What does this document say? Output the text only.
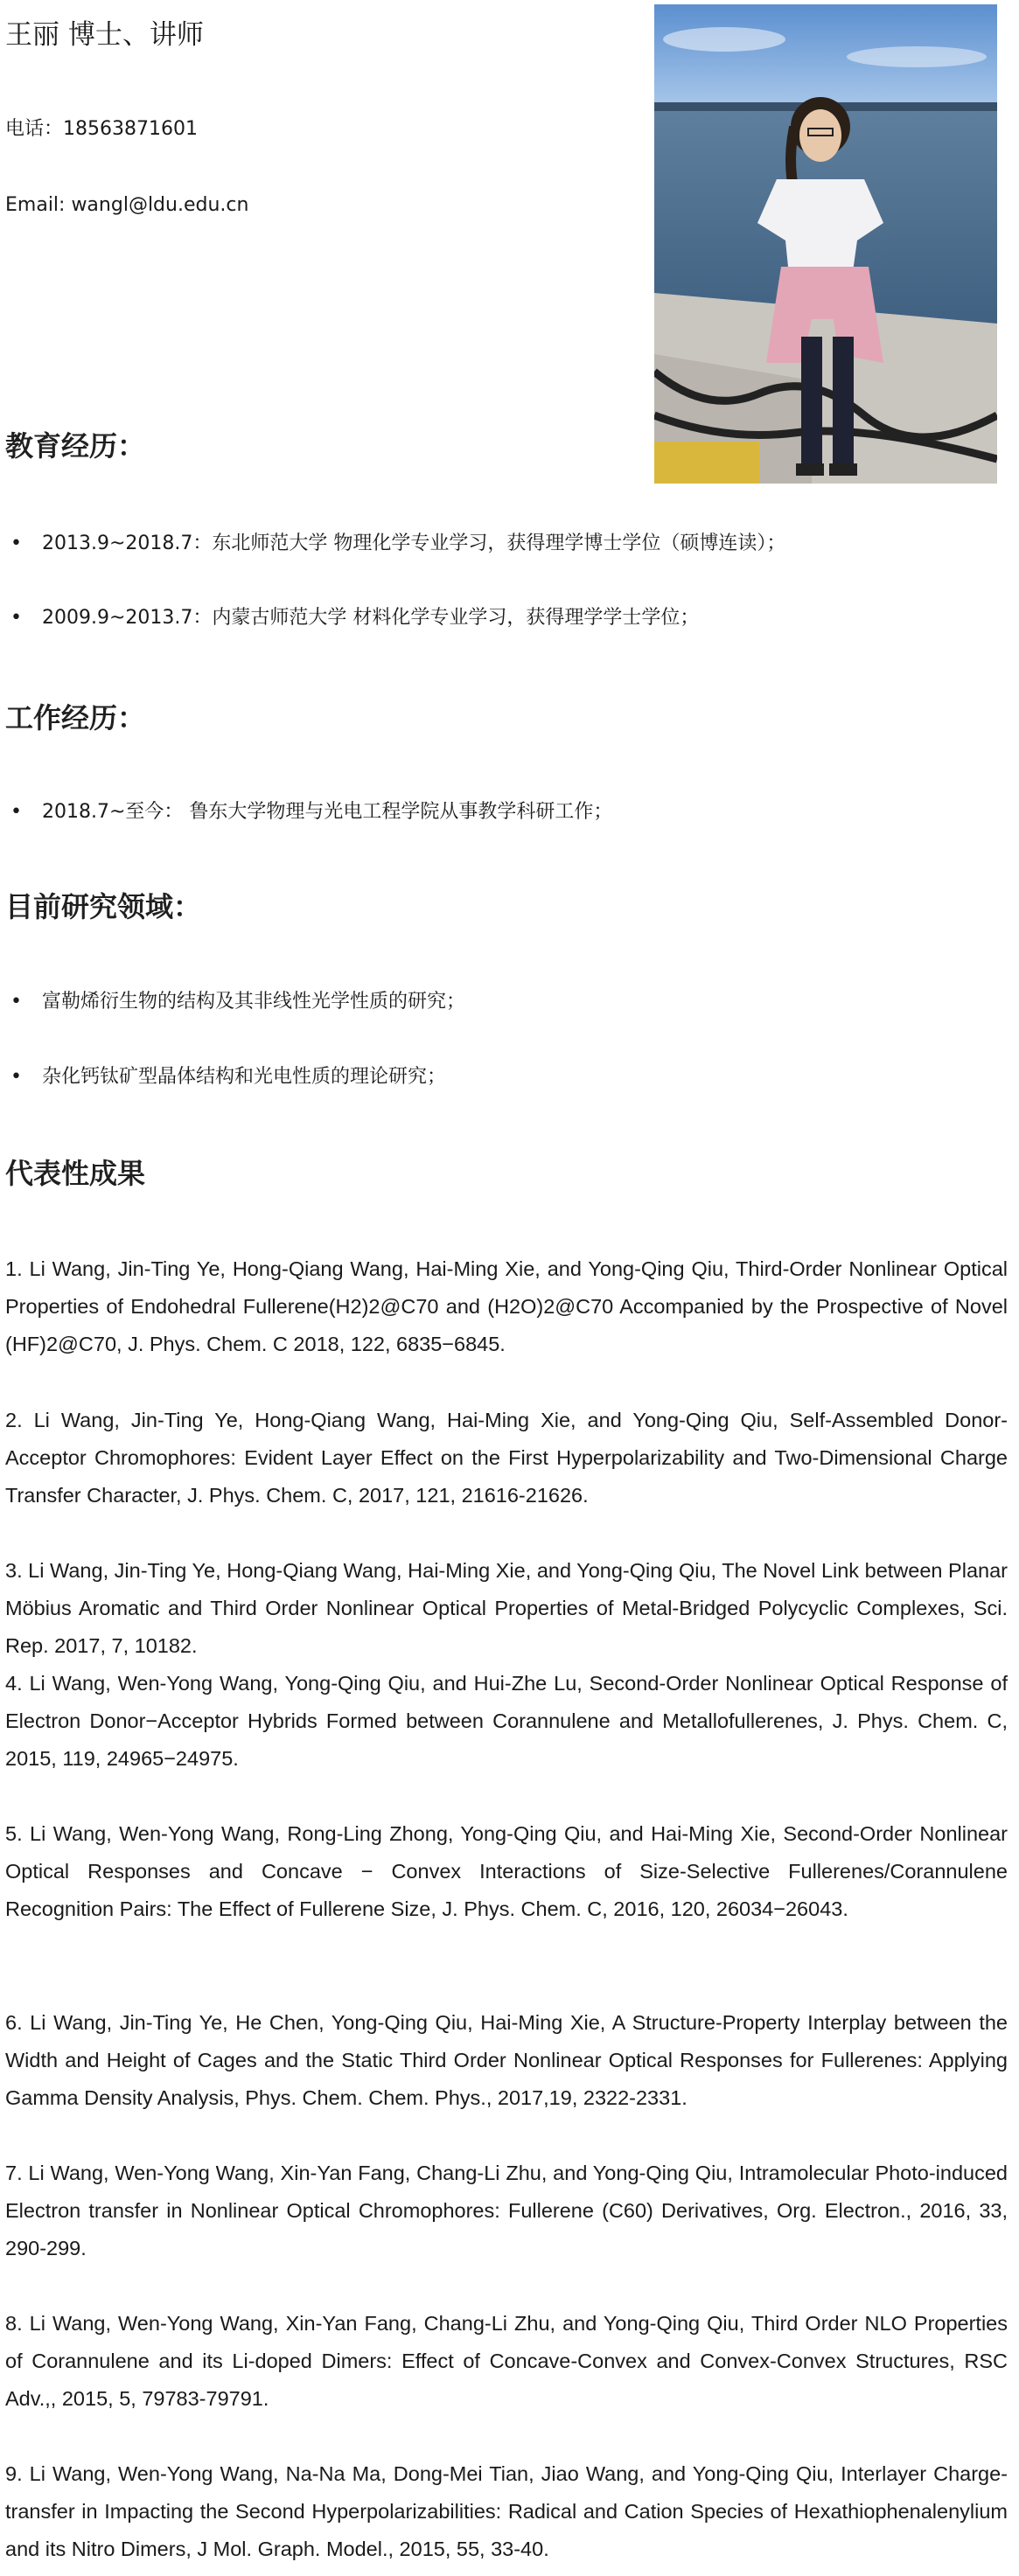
王丽 博士、讲师
电话：18563871601
Email: wangl@ldu.edu.cn
教育经历：
• 2013.9~2018.7：东北师范大学 物理化学专业学习，获得理学博士学位（硕博连读）；
• 2009.9~2013.7：内蒙古师范大学 材料化学专业学习，获得理学学士学位；
工作经历：
• 2018.7~至今： 鲁东大学物理与光电工程学院从事教学科研工作；
目前研究领域：
• 富勒烯衍生物的结构及其非线性光学性质的研究；
• 杂化钙钛矿型晶体结构和光电性质的理论研究；
代表性成果
1. Li Wang, Jin-Ting Ye, Hong-Qiang Wang, Hai-Ming Xie, and Yong-Qing Qiu, Third-Order Nonlinear Optical Properties of Endohedral Fullerene(H2)2@C70 and (H2O)2@C70 Accompanied by the Prospective of Novel (HF)2@C70, J. Phys. Chem. C 2018, 122, 6835−6845.
2. Li Wang, Jin-Ting Ye, Hong-Qiang Wang, Hai-Ming Xie, and Yong-Qing Qiu, Self-Assembled Donor-Acceptor Chromophores: Evident Layer Effect on the First Hyperpolarizability and Two-Dimensional Charge Transfer Character, J. Phys. Chem. C, 2017, 121, 21616-21626.
3. Li Wang, Jin-Ting Ye, Hong-Qiang Wang, Hai-Ming Xie, and Yong-Qing Qiu, The Novel Link between Planar Möbius Aromatic and Third Order Nonlinear Optical Properties of Metal‑Bridged Polycyclic Complexes, Sci. Rep. 2017, 7, 10182.
4. Li Wang, Wen-Yong Wang, Yong-Qing Qiu, and Hui-Zhe Lu, Second-Order Nonlinear Optical Response of Electron Donor−Acceptor Hybrids Formed between Corannulene and Metallofullerenes, J. Phys. Chem. C, 2015, 119, 24965−24975.
5. Li Wang, Wen-Yong Wang, Rong-Ling Zhong, Yong-Qing Qiu, and Hai-Ming Xie, Second-Order Nonlinear Optical Responses and Concave − Convex Interactions of Size-Selective Fullerenes/Corannulene Recognition Pairs: The Effect of Fullerene Size, J. Phys. Chem. C, 2016, 120, 26034−26043.
6. Li Wang, Jin-Ting Ye, He Chen, Yong-Qing Qiu, Hai-Ming Xie, A Structure‑Property Interplay between the Width and Height of Cages and the Static Third Order Nonlinear Optical Responses for Fullerenes: Applying Gamma Density Analysis, Phys. Chem. Chem. Phys., 2017,19, 2322-2331.
7. Li Wang, Wen-Yong Wang, Xin-Yan Fang, Chang-Li Zhu, and Yong-Qing Qiu, Intramolecular Photo-induced Electron transfer in Nonlinear Optical Chromophores: Fullerene (C60) Derivatives, Org. Electron., 2016, 33, 290-299.
8. Li Wang, Wen-Yong Wang, Xin-Yan Fang, Chang-Li Zhu, and Yong-Qing Qiu, Third Order NLO Properties of Corannulene and its Li-doped Dimers: Effect of Concave‑Convex and Convex‑Convex Structures, RSC Adv.,, 2015, 5, 79783-79791.
9. Li Wang, Wen-Yong Wang, Na-Na Ma, Dong-Mei Tian, Jiao Wang, and Yong-Qing Qiu, Interlayer Charge-transfer in Impacting the Second Hyperpolarizabilities: Radical and Cation Species of Hexathiophenalenylium and its Nitro Dimers, J Mol. Graph. Model., 2015, 55, 33‑40.
